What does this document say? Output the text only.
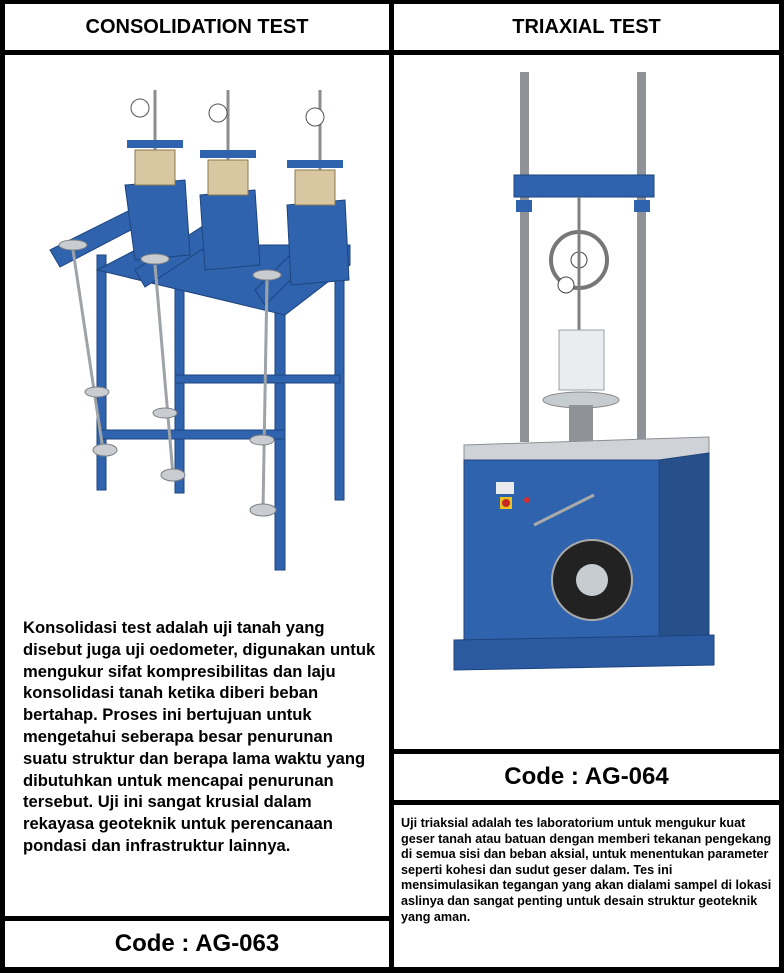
CONSOLIDATION TEST
Konsolidasi test adalah uji tanah yang disebut juga uji oedometer, digunakan untuk mengukur sifat kompresibilitas dan laju konsolidasi tanah ketika diberi beban bertahap. Proses ini bertujuan untuk mengetahui seberapa besar penurunan suatu struktur dan berapa lama waktu yang dibutuhkan untuk mencapai penurunan tersebut. Uji ini sangat krusial dalam rekayasa geoteknik untuk perencanaan pondasi dan infrastruktur lainnya.
Code : AG-063
TRIAXIAL TEST
Code : AG-064
Uji triaksial adalah tes laboratorium untuk mengukur kuat geser tanah atau batuan dengan memberi tekanan pengekang di semua sisi dan beban aksial, untuk menentukan parameter seperti kohesi dan sudut geser dalam. Tes ini mensimulasikan tegangan yang akan dialami sampel di lokasi aslinya dan sangat penting untuk desain struktur geoteknik yang aman.
